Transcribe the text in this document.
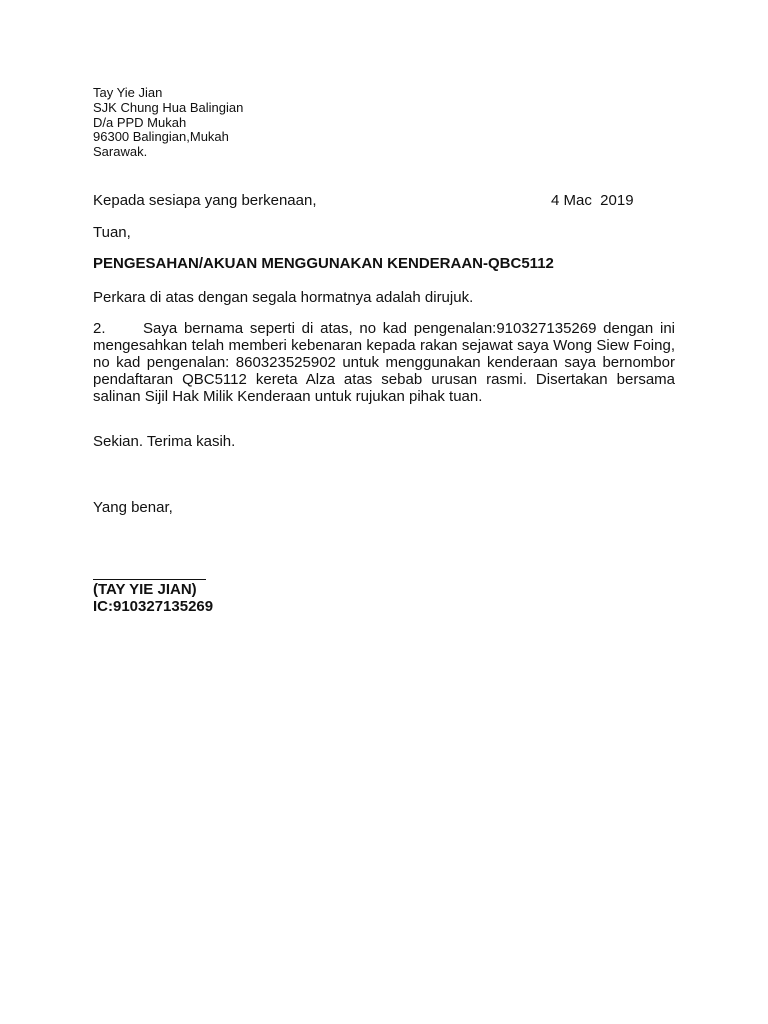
Tay Yie Jian
SJK Chung Hua Balingian
D/a PPD Mukah
96300 Balingian,Mukah
Sarawak.
Kepada sesiapa yang berkenaan,	4 Mac  2019
Tuan,
PENGESAHAN/AKUAN MENGGUNAKAN KENDERAAN-QBC5112
Perkara di atas dengan segala hormatnya adalah dirujuk.

2. Saya bernama seperti di atas, no kad pengenalan:910327135269 dengan ini mengesahkan telah memberi kebenaran kepada rakan sejawat saya Wong Siew Foing, no kad pengenalan: 860323525902 untuk menggunakan kenderaan saya bernombor pendaftaran QBC5112 kereta Alza atas sebab urusan rasmi. Disertakan bersama salinan Sijil Hak Milik Kenderaan untuk rujukan pihak tuan.

Sekian. Terima kasih.
Yang benar,
(TAY YIE JIAN)
IC:910327135269
